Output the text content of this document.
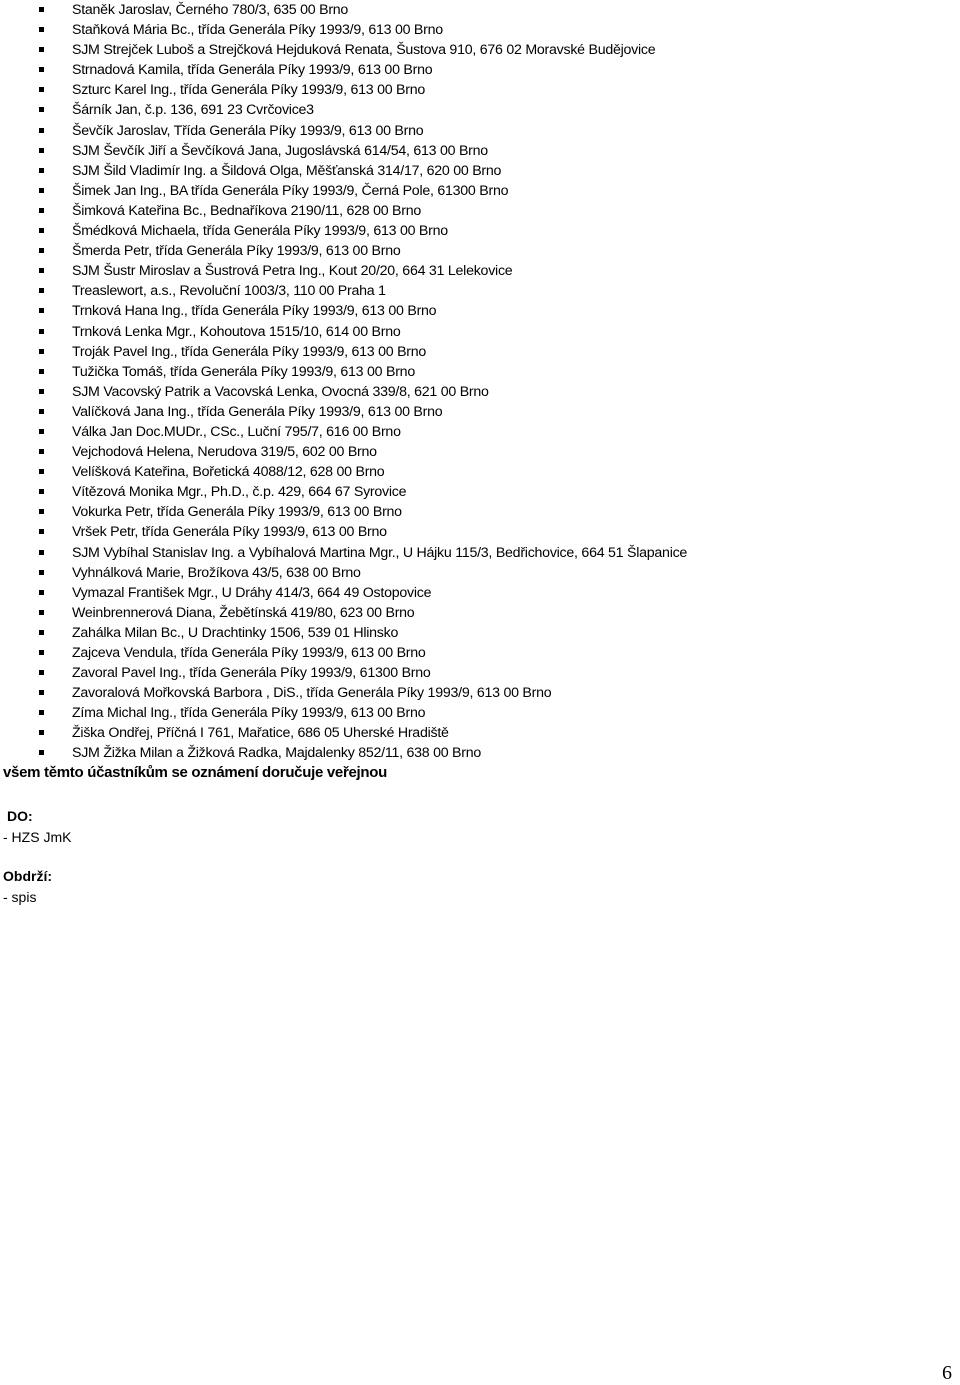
Staněk Jaroslav, Černého 780/3, 635 00 Brno
Staňková Mária Bc., třída Generála Píky 1993/9, 613 00 Brno
SJM Strejček Luboš a Strejčková Hejduková Renata, Šustova 910, 676 02 Moravské Budějovice
Strnadová Kamila, třída Generála Píky 1993/9, 613 00 Brno
Szturc Karel Ing., třída Generála Píky 1993/9, 613 00 Brno
Šárník Jan, č.p. 136, 691 23 Cvrčovice3
Ševčík Jaroslav, Třída Generála Píky 1993/9, 613 00 Brno
SJM Ševčík Jiří a Ševčíková Jana, Jugoslávská 614/54, 613 00 Brno
SJM Šild Vladimír Ing. a Šildová Olga, Měšťanská 314/17, 620 00 Brno
Šimek Jan Ing., BA třída Generála Píky 1993/9, Černá Pole, 61300 Brno
Šimková Kateřina Bc., Bednaříkova 2190/11, 628 00 Brno
Šmédková Michaela, třída Generála Píky 1993/9, 613 00 Brno
Šmerda Petr, třída Generála Píky 1993/9, 613 00 Brno
SJM Šustr Miroslav a Šustrová Petra Ing., Kout 20/20, 664 31 Lelekovice
Treaslewort, a.s., Revoluční 1003/3, 110 00 Praha 1
Trnková Hana Ing., třída Generála Píky 1993/9, 613 00 Brno
Trnková Lenka Mgr., Kohoutova 1515/10, 614 00 Brno
Troják Pavel Ing., třída Generála Píky 1993/9, 613 00 Brno
Tužička Tomáš, třída Generála Píky 1993/9, 613 00 Brno
SJM Vacovský Patrik a Vacovská Lenka, Ovocná 339/8, 621 00 Brno
Valíčková Jana Ing., třída Generála Píky 1993/9, 613 00 Brno
Válka Jan Doc.MUDr., CSc., Luční 795/7, 616 00 Brno
Vejchodová Helena, Nerudova 319/5, 602 00 Brno
Velíšková Kateřina, Bořetická 4088/12, 628 00 Brno
Vítězová Monika Mgr., Ph.D., č.p. 429, 664 67 Syrovice
Vokurka Petr, třída Generála Píky 1993/9, 613 00 Brno
Vršek Petr, třída Generála Píky 1993/9, 613 00 Brno
SJM Vybíhal Stanislav Ing. a Vybíhalová Martina Mgr., U Hájku 115/3, Bedřichovice, 664 51 Šlapanice
Vyhnálková Marie, Brožíkova 43/5, 638 00 Brno
Vymazal František Mgr., U Dráhy 414/3, 664 49 Ostopovice
Weinbrennerová Diana, Žebětínská 419/80, 623 00 Brno
Zahálka Milan Bc., U Drachtinky 1506, 539 01 Hlinsko
Zajceva Vendula, třída Generála Píky 1993/9, 613 00 Brno
Zavoral Pavel Ing., třída Generála Píky 1993/9, 61300 Brno
Zavoralová Mořkovská Barbora , DiS., třída Generála Píky 1993/9, 613 00 Brno
Zíma Michal Ing., třída Generála Píky 1993/9, 613 00 Brno
Žiška Ondřej, Příčná I 761, Mařatice, 686 05 Uherské Hradiště
SJM Žižka Milan a Žižková Radka, Majdalenky 852/11, 638 00 Brno
všem těmto účastníkům se oznámení doručuje veřejnou
DO:
- HZS JmK
Obdrží:
- spis
6
